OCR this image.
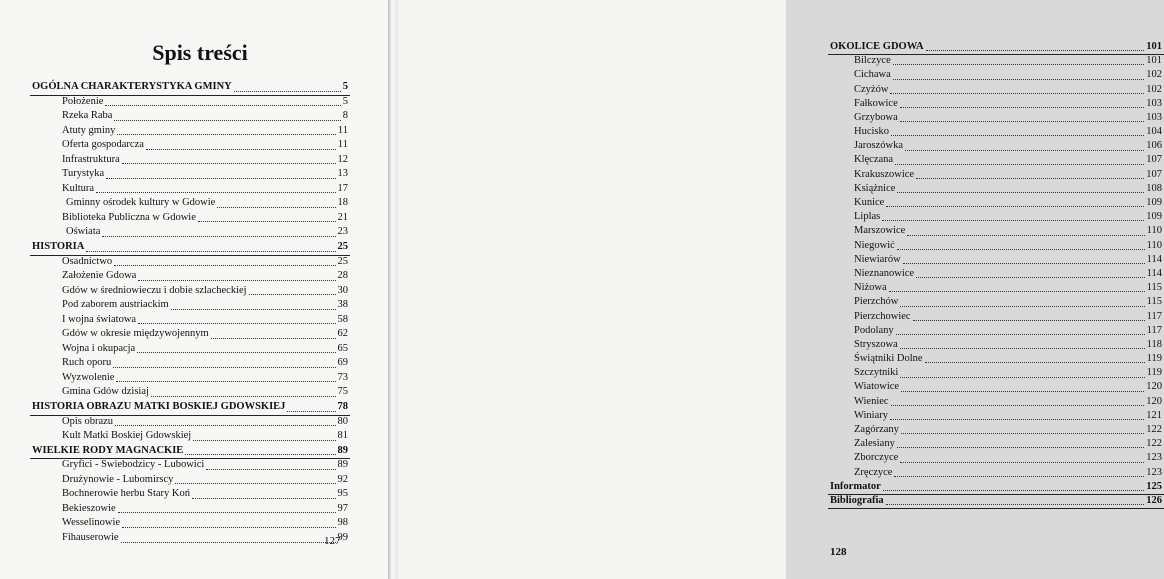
Spis treści
OGÓLNA CHARAKTERYSTYKA GMINY	5
Położenie	5
Rzeka Raba	8
Atuty gminy	11
Oferta gospodarcza	11
Infrastruktura	12
Turystyka	13
Kultura	17
Gminny ośrodek kultury w Gdowie	18
Biblioteka Publiczna w Gdowie	21
Oświata	23
HISTORIA	25
Osadnictwo	25
Założenie Gdowa	28
Gdów w średniowieczu i dobie szlacheckiej	30
Pod zaborem austriackim	38
I wojna światowa	58
Gdów w okresie międzywojennym	62
Wojna i okupacja	65
Ruch oporu	69
Wyzwolenie	73
Gmina Gdów dzisiaj	75
HISTORIA OBRAZU MATKI BOSKIEJ GDOWSKIEJ	78
Opis obrazu	80
Kult Matki Boskiej Gdowskiej	81
WIELKIE RODY MAGNACKIE	89
Gryfici - Swiebodzicy - Lubowici	89
Drużynowie - Lubomirscy	92
Bochnerowie herbu Stary Koń	95
Bekieszowie	97
Wesselinowie	98
Fihauserowie	99
127
OKOLICE GDOWA	101
Bilczyce	101
Cichawa	102
Czyżów	102
Fałkowice	103
Grzybowa	103
Hucisko	104
Jaroszówka	106
Klęczana	107
Krakuszowice	107
Książnice	108
Kunice	109
Liplas	109
Marszowice	110
Niegowić	110
Niewiarów	114
Nieznanowice	114
Niżowa	115
Pierzchów	115
Pierzchowiec	117
Podolany	117
Stryszowa	118
Świątniki Dolne	119
Szczytniki	119
Wiatowice	120
Wieniec	120
Winiary	121
Zagórzany	122
Zalesiany	122
Zborczyce	123
Zręczyce	123
Informator	125
Bibliografia	126
128
